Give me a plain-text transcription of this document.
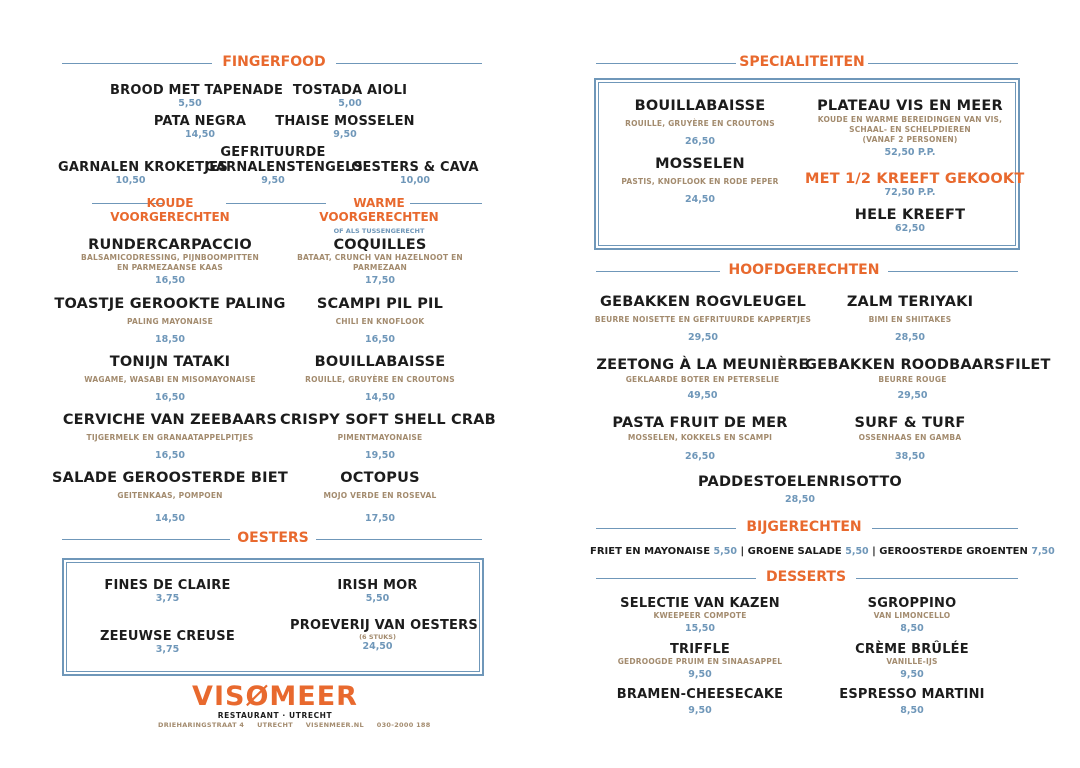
FINGERFOOD
BROOD MET TAPENADE
5,50
TOSTADA AIOLI
5,00
PATA NEGRA
14,50
THAISE MOSSELEN
9,50
GARNALEN KROKETJES
10,50
GEFRITUURDE
GARNALENSTENGELS
9,50
OESTERS & CAVA
10,00
KOUDE
VOORGERECHTEN
WARME
VOORGERECHTEN
OF ALS TUSSENGERECHT
RUNDERCARPACCIO
BALSAMICODRESSING, PIJNBOOMPITTEN
EN PARMEZAANSE KAAS
16,50
TOASTJE GEROOKTE PALING
PALING MAYONAISE
18,50
TONIJN TATAKI
WAGAME, WASABI EN MISOMAYONAISE
16,50
CERVICHE VAN ZEEBAARS
TIJGERMELK EN GRANAATAPPELPITJES
16,50
SALADE GEROOSTERDE BIET
GEITENKAAS, POMPOEN
14,50
COQUILLES
BATAAT, CRUNCH VAN HAZELNOOT EN
PARMEZAAN
17,50
SCAMPI PIL PIL
CHILI EN KNOFLOOK
16,50
BOUILLABAISSE
ROUILLE, GRUYÈRE EN CROUTONS
14,50
CRISPY SOFT SHELL CRAB
PIMENTMAYONAISE
19,50
OCTOPUS
MOJO VERDE EN ROSEVAL
17,50
OESTERS
FINES DE CLAIRE
3,75
IRISH MOR
5,50
ZEEUWSE CREUSE
3,75
PROEVERIJ VAN OESTERS
(6 STUKS)
24,50
VISØMEER
RESTAURANT · UTRECHT
DRIEHARINGSTRAAT 4 UTRECHT VISENMEER.NL 030-2000 188
SPECIALITEITEN
BOUILLABAISSE
ROUILLE, GRUYÈRE EN CROUTONS
26,50
MOSSELEN
PASTIS, KNOFLOOK EN RODE PEPER
24,50
PLATEAU VIS EN MEER
KOUDE EN WARME BEREIDINGEN VAN VIS,
SCHAAL- EN SCHELPDIEREN
(VANAF 2 PERSONEN)
52,50 P.P.
MET 1/2 KREEFT GEKOOKT
72,50 P.P.
HELE KREEFT
62,50
HOOFDGERECHTEN
GEBAKKEN ROGVLEUGEL
BEURRE NOISETTE EN GEFRITUURDE KAPPERTJES
29,50
ZALM TERIYAKI
BIMI EN SHIITAKES
28,50
ZEETONG À LA MEUNIÈRE
GEKLAARDE BOTER EN PETERSELIE
49,50
GEBAKKEN ROODBAARSFILET
BEURRE ROUGE
29,50
PASTA FRUIT DE MER
MOSSELEN, KOKKELS EN SCAMPI
26,50
SURF & TURF
OSSENHAAS EN GAMBA
38,50
PADDESTOELENRISOTTO
28,50
BIJGERECHTEN
FRIET EN MAYONAISE 5,50 | GROENE SALADE 5,50 | GEROOSTERDE GROENTEN 7,50
DESSERTS
SELECTIE VAN KAZEN
KWEEPEER COMPOTE
15,50
SGROPPINO
VAN LIMONCELLO
8,50
TRIFFLE
GEDROOGDE PRUIM EN SINAASAPPEL
9,50
CRÈME BRÛLÉE
VANILLE-IJS
9,50
BRAMEN-CHEESECAKE
9,50
ESPRESSO MARTINI
8,50
